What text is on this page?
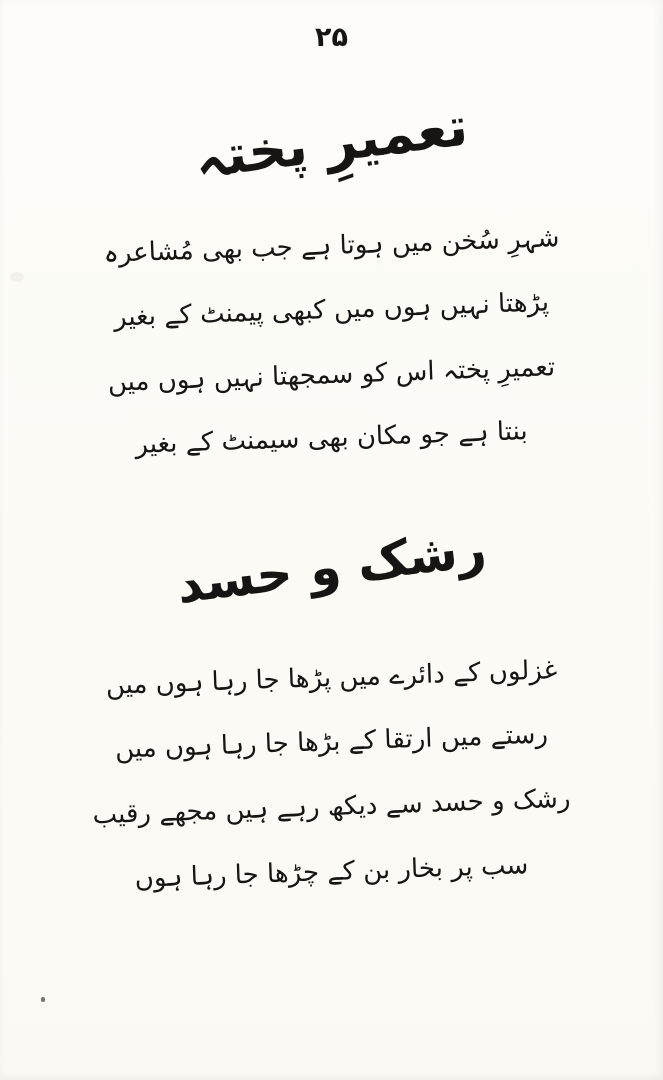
۲۵
تعمیرِ پختہ
شہرِ سُخن میں ہوتا ہے جب بھی مُشاعرہ
پڑھتا نہیں ہوں میں کبھی پیمنٹ کے بغیر
تعمیرِ پختہ اس کو سمجھتا نہیں ہوں میں
بنتا ہے جو مکان بھی سیمنٹ کے بغیر
رشک و حسد
غزلوں کے دائرے میں پڑھا جا رہا ہوں میں
رستے میں ارتقا کے بڑھا جا رہا ہوں میں
رشک و حسد سے دیکھ رہے ہیں مجھے رقیب
سب پر بخار بن کے چڑھا جا رہا ہوں
